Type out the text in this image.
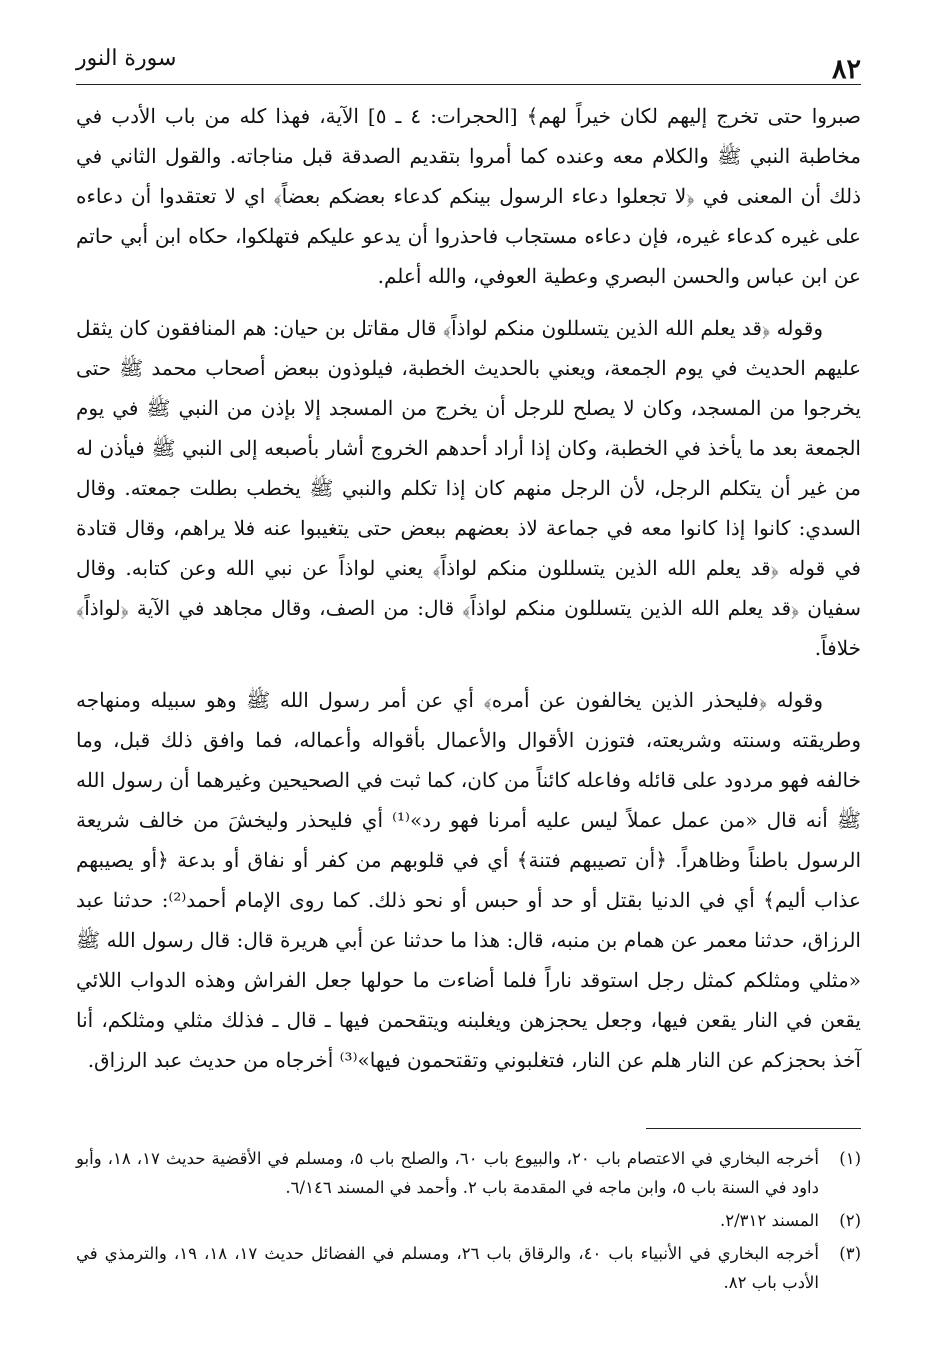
٨٢
سورة النور

صبروا حتى تخرج إليهم لكان خيراً لهم﴾ [الحجرات: ٤ ـ ٥] الآية، فهذا كله من باب الأدب في مخاطبة النبي ﷺ والكلام معه وعنده كما أمروا بتقديم الصدقة قبل مناجاته. والقول الثاني في ذلك أن المعنى في ﴿لا تجعلوا دعاء الرسول بينكم كدعاء بعضكم بعضاً﴾ اي لا تعتقدوا أن دعاءه على غيره كدعاء غيره، فإن دعاءه مستجاب فاحذروا أن يدعو عليكم فتهلكوا، حكاه ابن أبي حاتم عن ابن عباس والحسن البصري وعطية العوفي، والله أعلم.

وقوله ﴿قد يعلم الله الذين يتسللون منكم لواذاً﴾ قال مقاتل بن حيان: هم المنافقون كان يثقل عليهم الحديث في يوم الجمعة، ويعني بالحديث الخطبة، فيلوذون ببعض أصحاب محمد ﷺ حتى يخرجوا من المسجد، وكان لا يصلح للرجل أن يخرج من المسجد إلا بإذن من النبي ﷺ في يوم الجمعة بعد ما يأخذ في الخطبة، وكان إذا أراد أحدهم الخروج أشار بأصبعه إلى النبي ﷺ فيأذن له من غير أن يتكلم الرجل، لأن الرجل منهم كان إذا تكلم والنبي ﷺ يخطب بطلت جمعته. وقال السدي: كانوا إذا كانوا معه في جماعة لاذ بعضهم ببعض حتى يتغيبوا عنه فلا يراهم، وقال قتادة في قوله ﴿قد يعلم الله الذين يتسللون منكم لواذاً﴾ يعني لواذاً عن نبي الله وعن كتابه. وقال سفيان ﴿قد يعلم الله الذين يتسللون منكم لواذاً﴾ قال: من الصف، وقال مجاهد في الآية ﴿لواذاً﴾ خلافاً.

وقوله ﴿فليحذر الذين يخالفون عن أمره﴾ أي عن أمر رسول الله ﷺ وهو سبيله ومنهاجه وطريقته وسنته وشريعته، فتوزن الأقوال والأعمال بأقواله وأعماله، فما وافق ذلك قبل، وما خالفه فهو مردود على قائله وفاعله كائناً من كان، كما ثبت في الصحيحين وغيرهما أن رسول الله ﷺ أنه قال «من عمل عملاً ليس عليه أمرنا فهو رد»⁽¹⁾ أي فليحذر وليخشَ من خالف شريعة الرسول باطناً وظاهراً. ﴿أن تصيبهم فتنة﴾ أي في قلوبهم من كفر أو نفاق أو بدعة ﴿أو يصيبهم عذاب أليم﴾ أي في الدنيا بقتل أو حد أو حبس أو نحو ذلك. كما روى الإمام أحمد⁽²⁾: حدثنا عبد الرزاق، حدثنا معمر عن همام بن منبه، قال: هذا ما حدثنا عن أبي هريرة قال: قال رسول الله ﷺ «مثلي ومثلكم كمثل رجل استوقد ناراً فلما أضاءت ما حولها جعل الفراش وهذه الدواب اللائي يقعن في النار يقعن فيها، وجعل يحجزهن ويغلبنه ويتقحمن فيها ـ قال ـ فذلك مثلي ومثلكم، أنا آخذ بحجزكم عن النار هلم عن النار، فتغلبوني وتقتحمون فيها»⁽³⁾ أخرجاه من حديث عبد الرزاق.

(١)
أخرجه البخاري في الاعتصام باب ٢٠، والبيوع باب ٦٠، والصلح باب ٥، ومسلم في الأقضية حديث ١٧، ١٨، وأبو داود في السنة باب ٥، وابن ماجه في المقدمة باب ٢. وأحمد في المسند ٦/١٤٦.
(٢)
المسند ٢/٣١٢.
(٣)
أخرجه البخاري في الأنبياء باب ٤٠، والرقاق باب ٢٦، ومسلم في الفضائل حديث ١٧، ١٨، ١٩، والترمذي في الأدب باب ٨٢.
